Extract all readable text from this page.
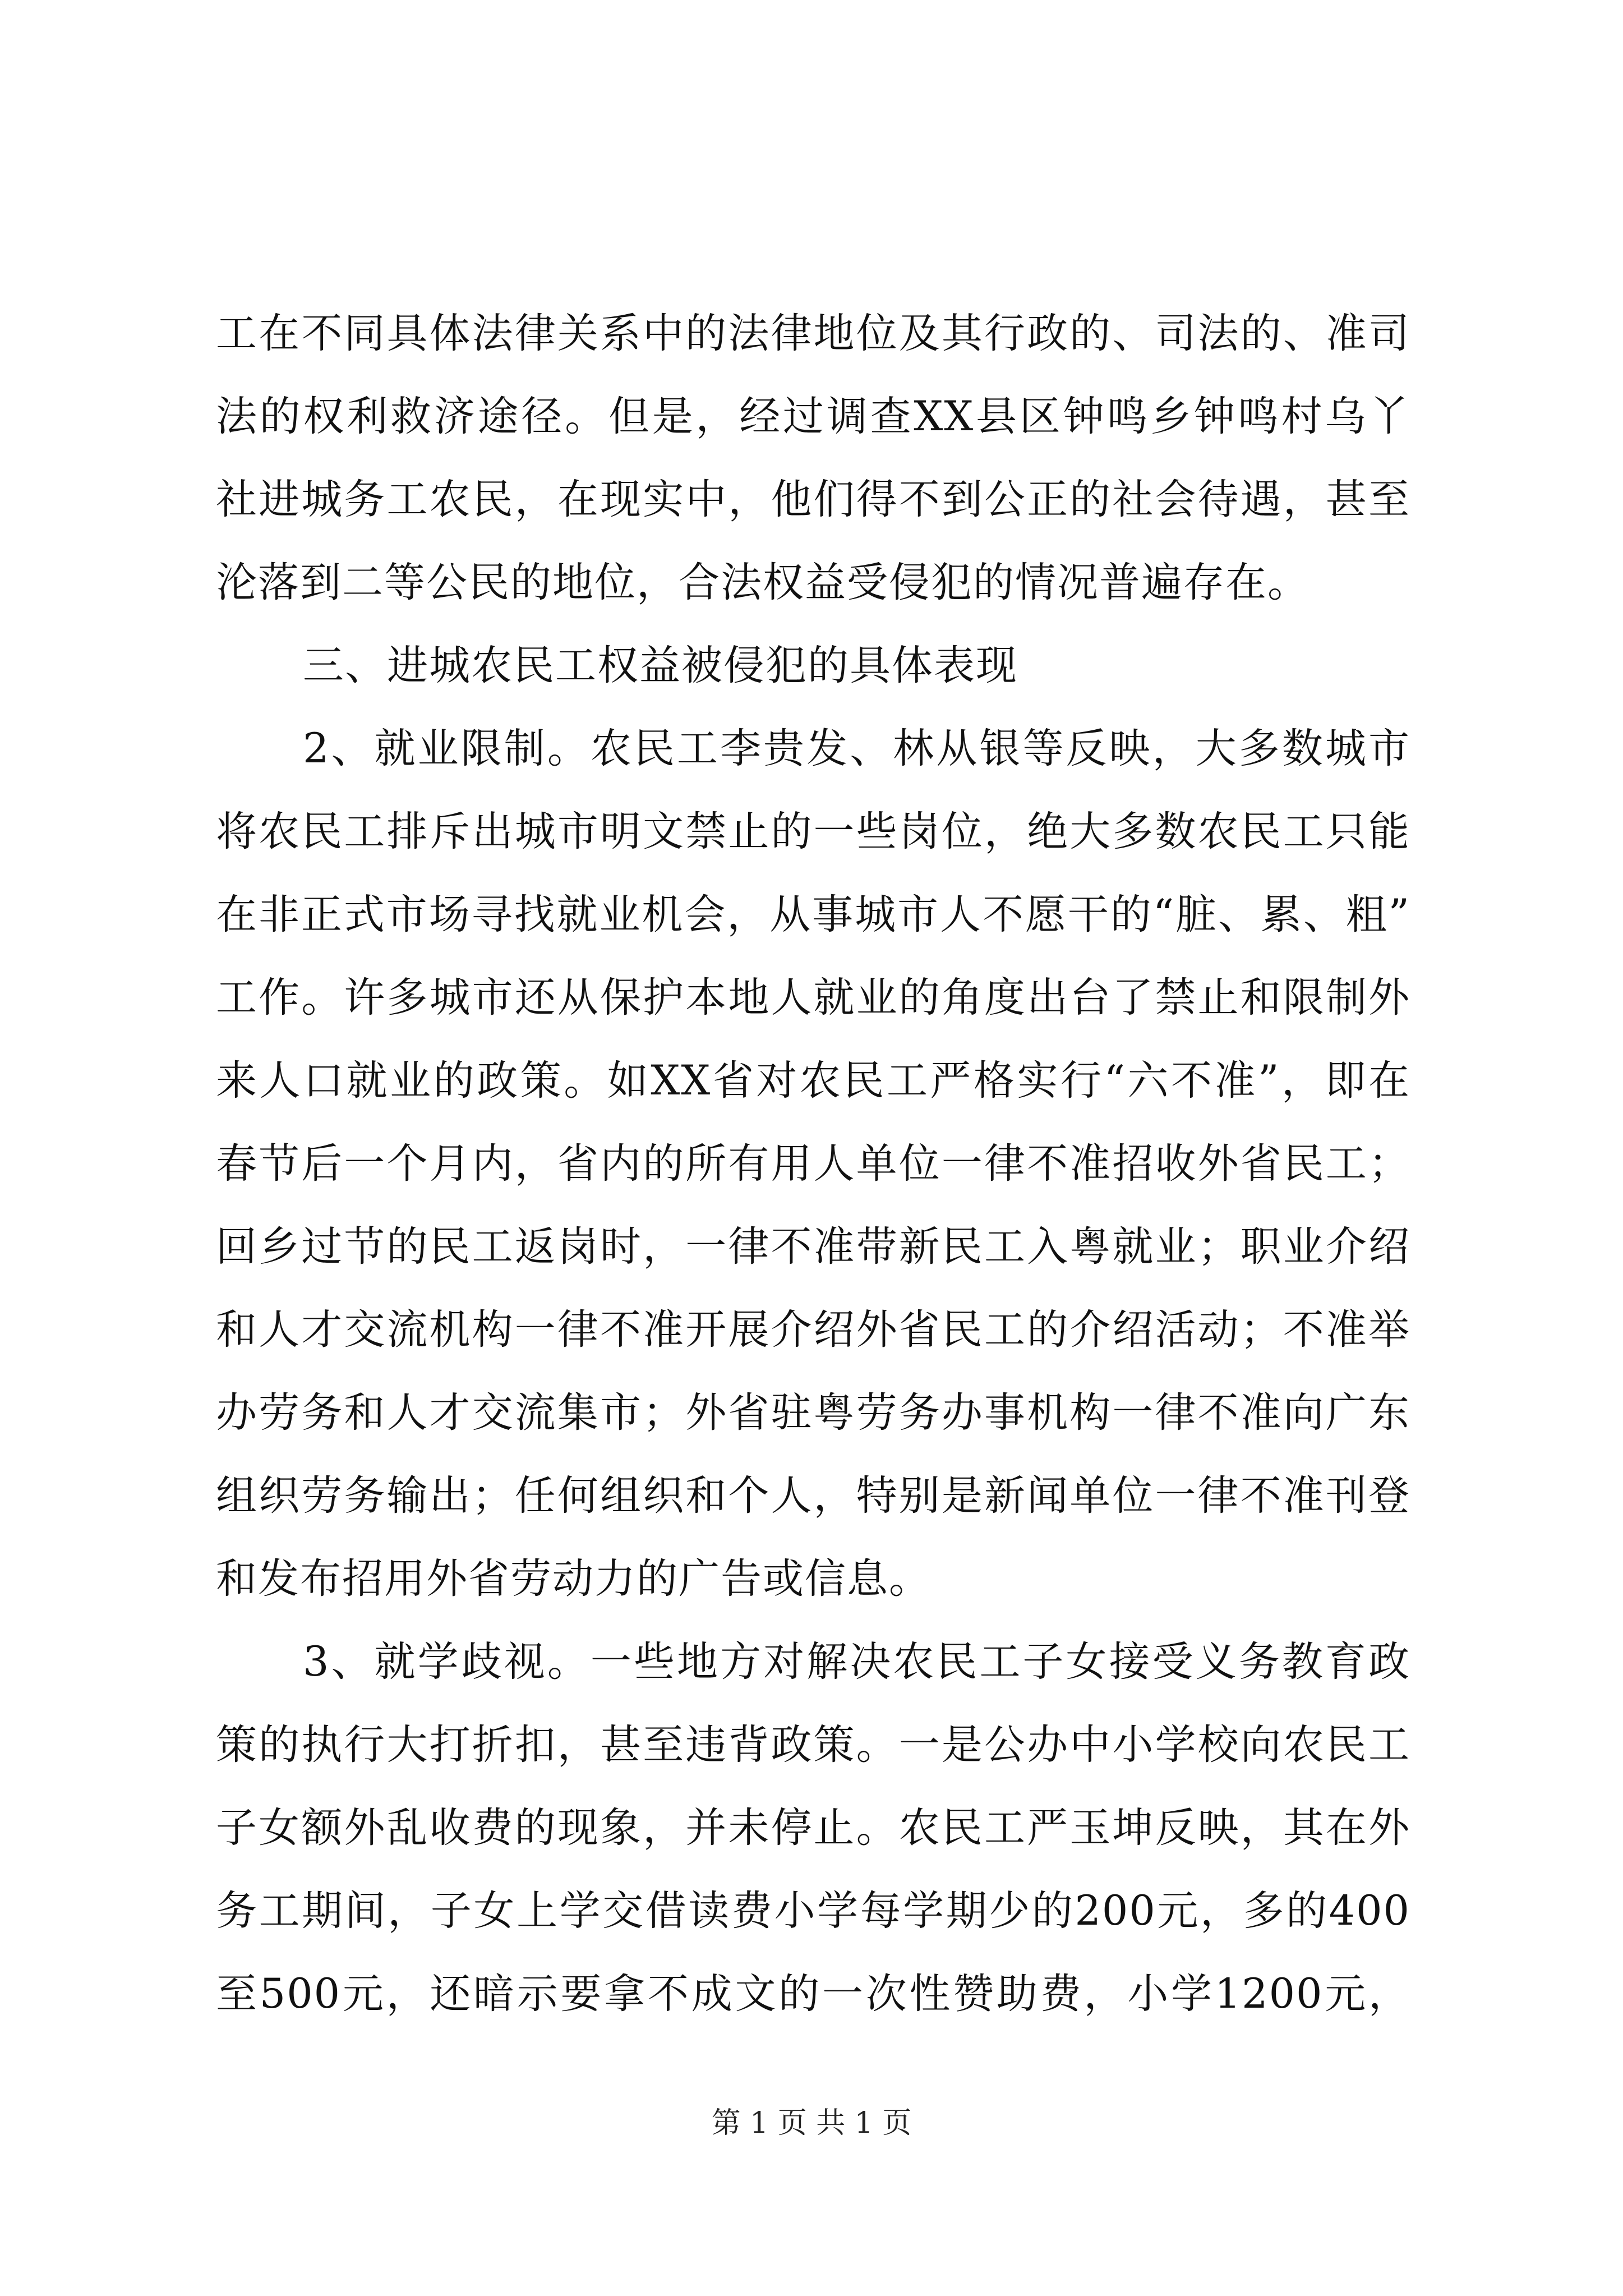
工在不同具体法律关系中的法律地位及其行政的、司法的、准司
法的权利救济途径。但是，经过调查XX县区钟鸣乡钟鸣村乌丫
社进城务工农民，在现实中，他们得不到公正的社会待遇，甚至
沦落到二等公民的地位，合法权益受侵犯的情况普遍存在。
三、进城农民工权益被侵犯的具体表现
2、就业限制。农民工李贵发、林从银等反映，大多数城市
将农民工排斥出城市明文禁止的一些岗位，绝大多数农民工只能
在非正式市场寻找就业机会，从事城市人不愿干的“脏、累、粗”
工作。许多城市还从保护本地人就业的角度出台了禁止和限制外
来人口就业的政策。如XX省对农民工严格实行“六不准”，即在
春节后一个月内，省内的所有用人单位一律不准招收外省民工；
回乡过节的民工返岗时，一律不准带新民工入粤就业；职业介绍
和人才交流机构一律不准开展介绍外省民工的介绍活动；不准举
办劳务和人才交流集市；外省驻粤劳务办事机构一律不准向广东
组织劳务输出；任何组织和个人，特别是新闻单位一律不准刊登
和发布招用外省劳动力的广告或信息。
3、就学歧视。一些地方对解决农民工子女接受义务教育政
策的执行大打折扣，甚至违背政策。一是公办中小学校向农民工
子女额外乱收费的现象，并未停止。农民工严玉坤反映，其在外
务工期间，子女上学交借读费小学每学期少的200元，多的400
至500元，还暗示要拿不成文的一次性赞助费，小学1200元，
第 1 页 共 1 页
